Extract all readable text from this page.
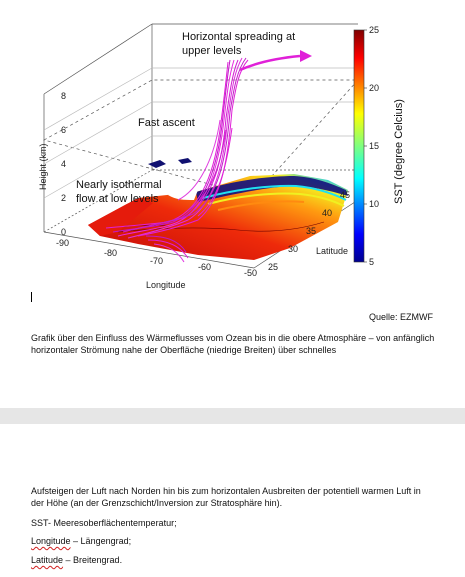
Horizontal spreading at
upper levels
Fast ascent
Nearly isothermal
flow at low levels
Height (km)
0
2
4
6
8
-90
-80
-70
-60
-50
Longitude
25
30
35
40
45
Latitude
5
10
15
20
25
SST (degree Celcius)
Quelle: EZMWF
Grafik über den Einfluss des Wärmeflusses vom Ozean bis in die obere Atmosphäre – von anfänglich horizontaler Strömung nahe der Oberfläche (niedrige Breiten) über schnelles
Aufsteigen der Luft nach Norden hin bis zum horizontalen Ausbreiten der potentiell warmen Luft in der Höhe (an der Grenzschicht/Inversion zur Stratosphäre hin).
SST- Meeresoberflächentemperatur;
Longitude – Längengrad;
Latitude – Breitengrad.
